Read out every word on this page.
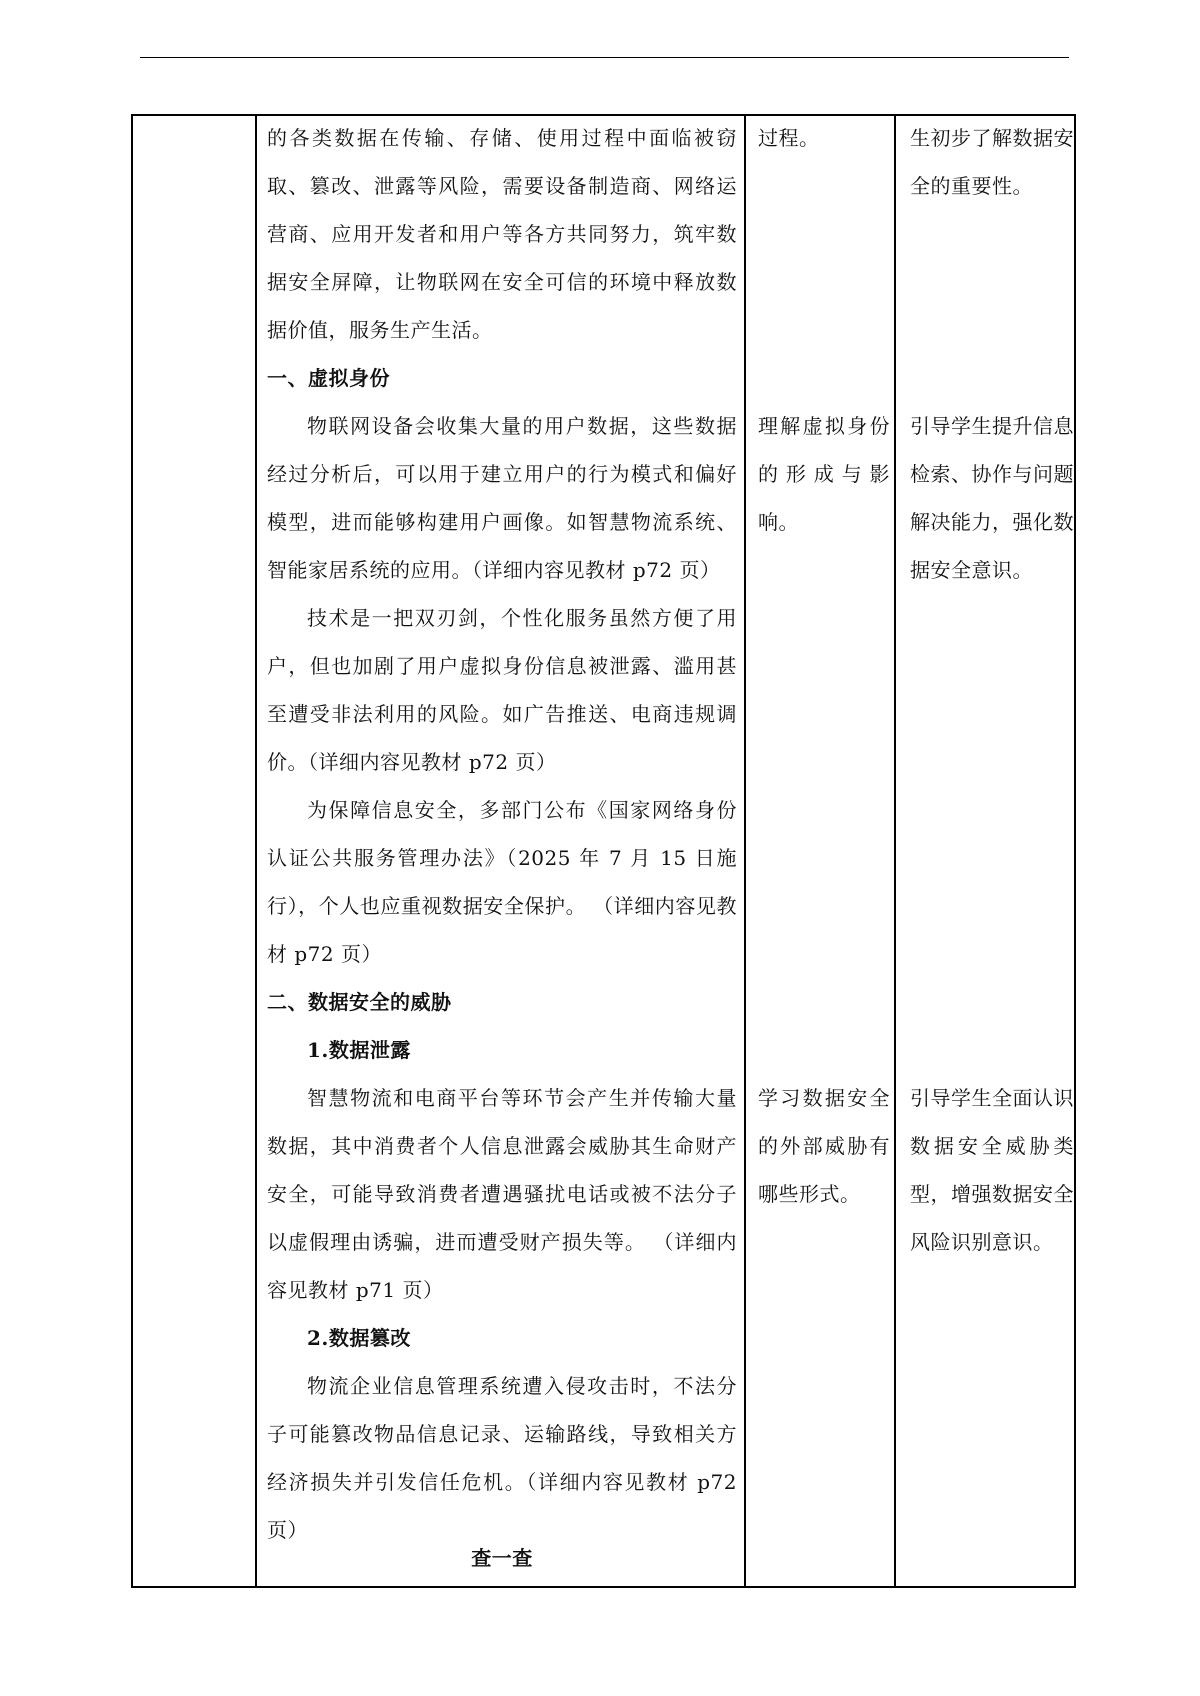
的各类数据在传输、存储、使用过程中面临被窃取、篡改、泄露等风险，需要设备制造商、网络运营商、应用开发者和用户等各方共同努力，筑牢数据安全屏障，让物联网在安全可信的环境中释放数据价值，服务生产生活。

一、虚拟身份

物联网设备会收集大量的用户数据，这些数据经过分析后，可以用于建立用户的行为模式和偏好模型，进而能够构建用户画像。如智慧物流系统、智能家居系统的应用。（详细内容见教材 p72 页）

技术是一把双刃剑，个性化服务虽然方便了用户，但也加剧了用户虚拟身份信息被泄露、滥用甚至遭受非法利用的风险。如广告推送、电商违规调价。（详细内容见教材 p72 页）

为保障信息安全，多部门公布《国家网络身份认证公共服务管理办法》（2025 年 7 月 15 日施行），个人也应重视数据安全保护。 （详细内容见教材 p72 页）

二、数据安全的威胁

1.数据泄露

智慧物流和电商平台等环节会产生并传输大量数据，其中消费者个人信息泄露会威胁其生命财产安全，可能导致消费者遭遇骚扰电话或被不法分子以虚假理由诱骗，进而遭受财产损失等。 （详细内容见教材 p71 页）

2.数据篡改

物流企业信息管理系统遭入侵攻击时，不法分子可能篡改物品信息记录、运输路线，导致相关方经济损失并引发信任危机。（详细内容见教材 p72 页）

查一查

过程。

理解虚拟身份的形成与影响。

学习数据安全的外部威胁有哪些形式。

生初步了解数据安全的重要性。

引导学生提升信息检索、协作与问题解决能力，强化数据安全意识。

引导学生全面认识数据安全威胁类型，增强数据安全风险识别意识。
